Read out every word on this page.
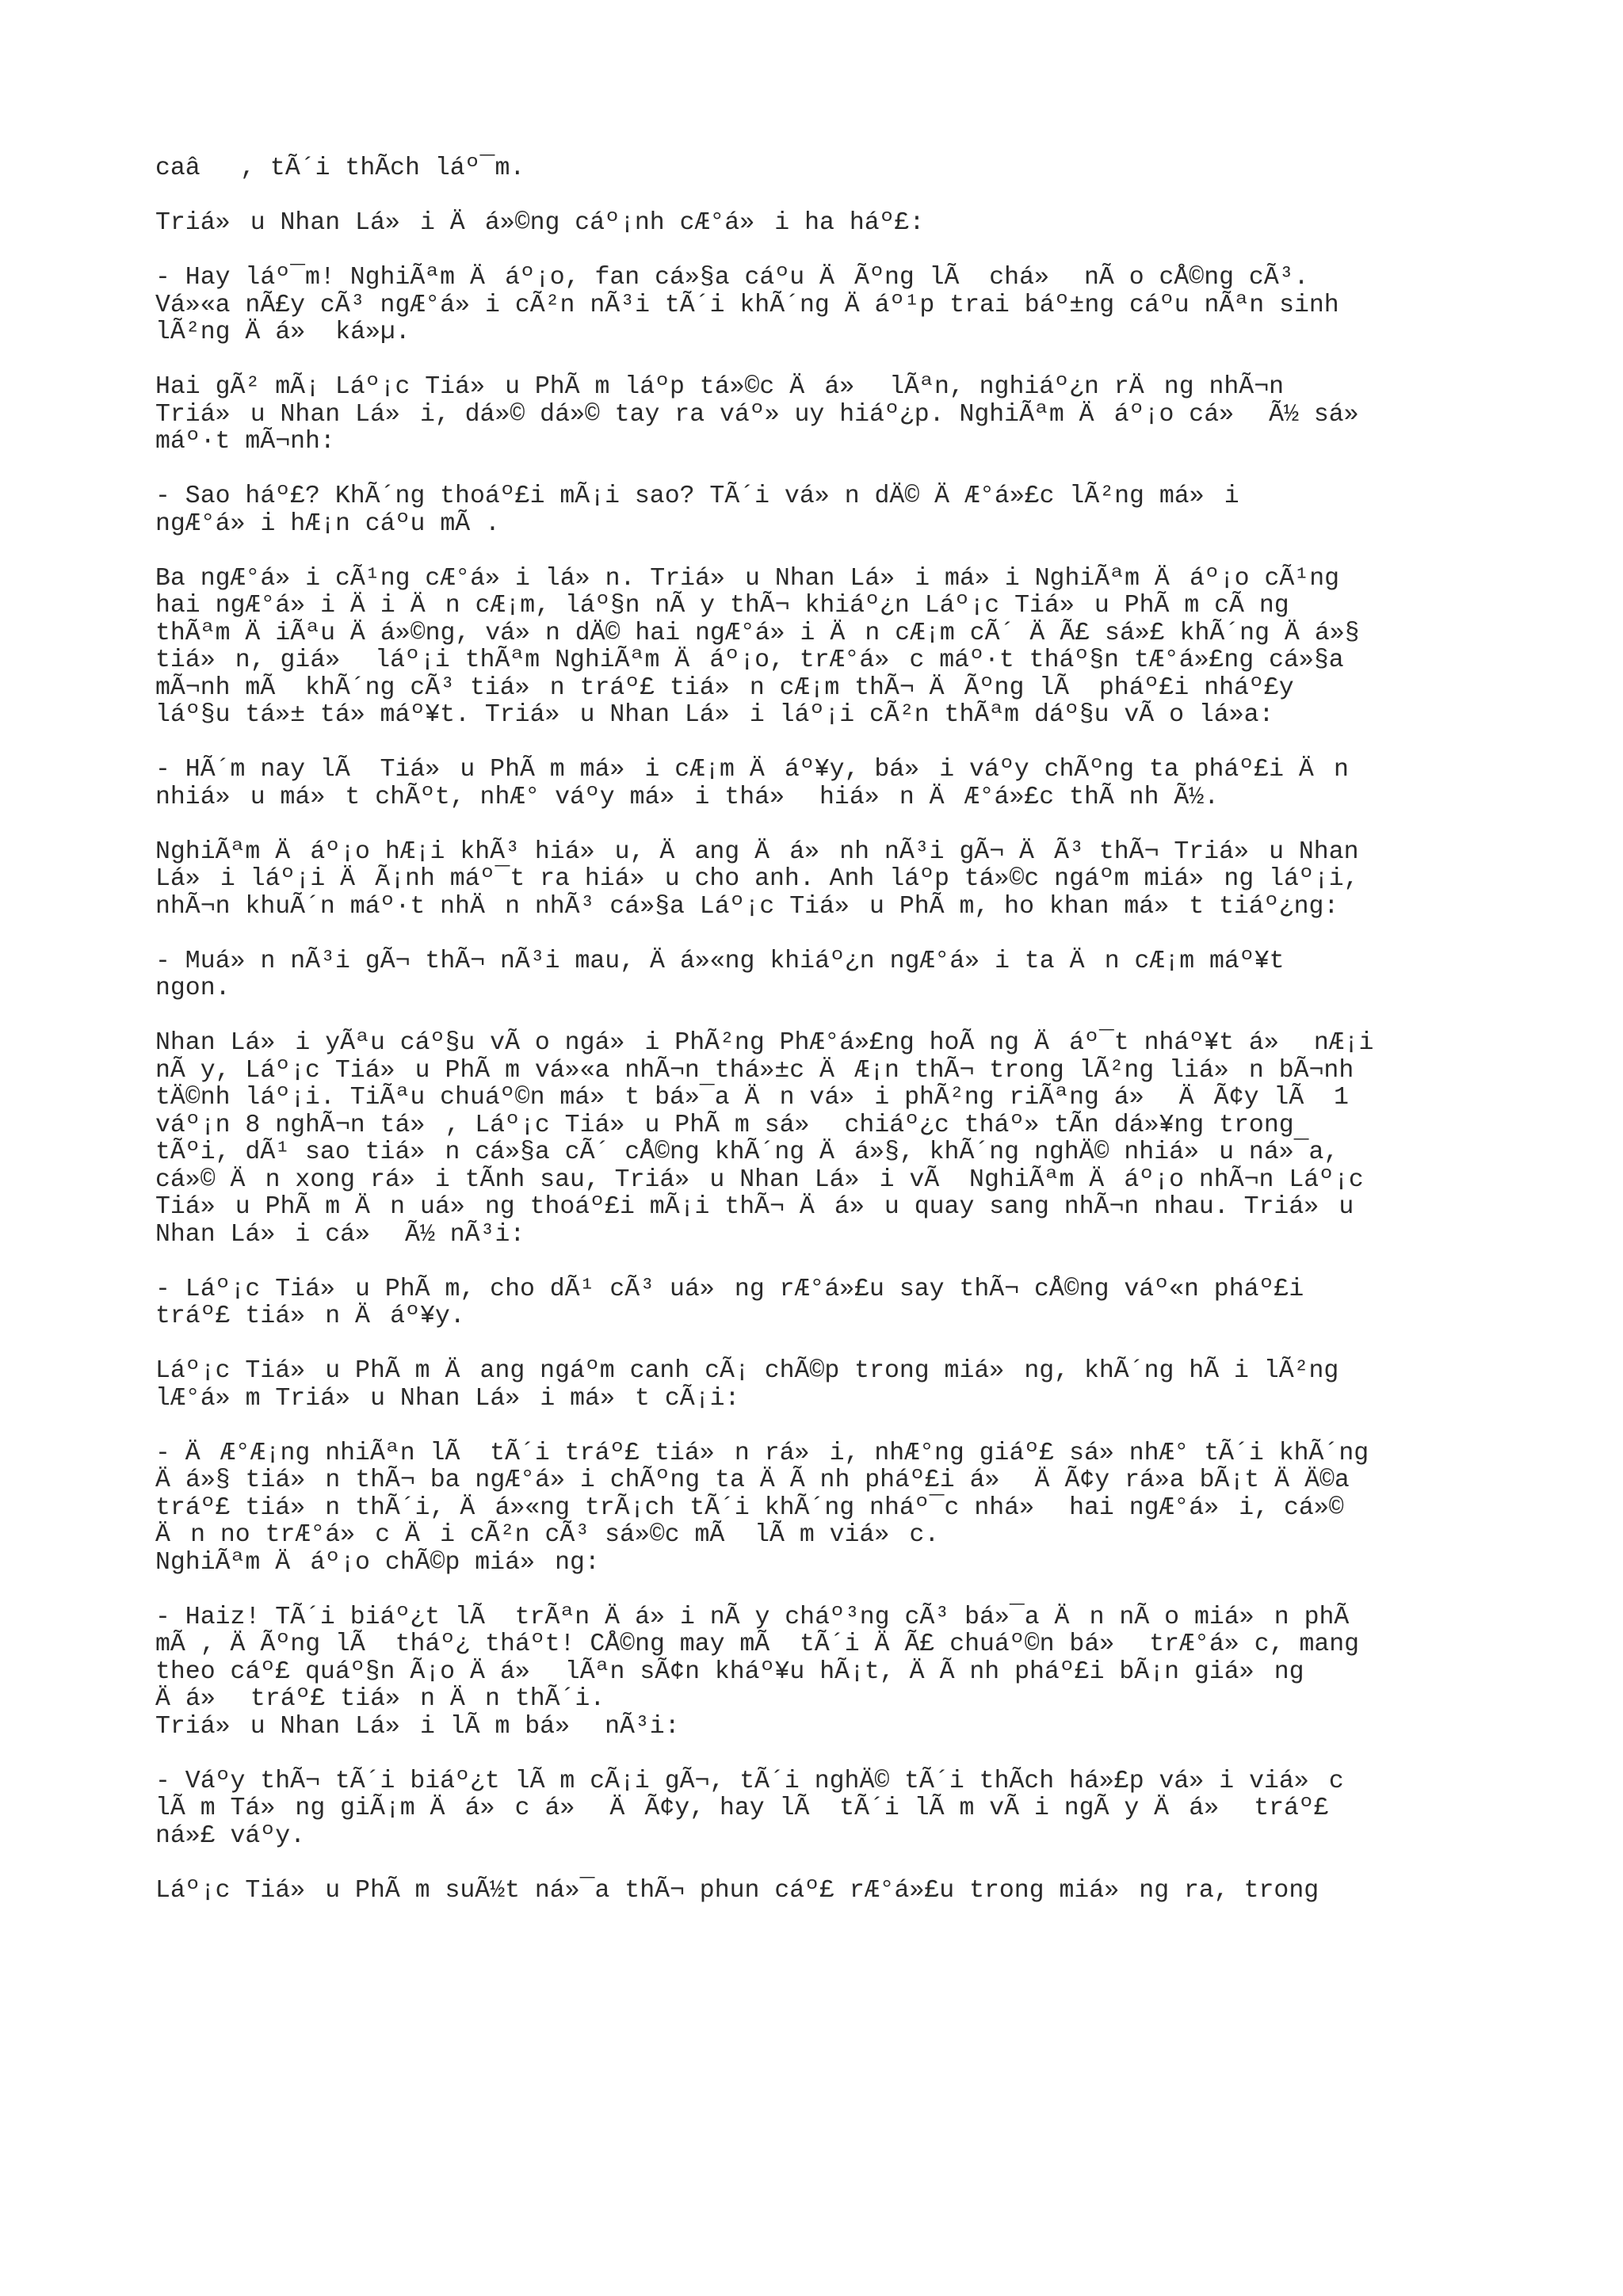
caâ, tÃ´i thÃch láº¯m.
Triá»u Nhan Lá»i Äá»©ng cáº¡nh cÆ°á»i ha háº£:
- Hay láº¯m! NghiÃªm Äáº¡o, fan cá»§a cáºu ÄÃºng lÃ  chá» nÃ o cÅ©ng cÃ³.
Vá»«a nÃ£y cÃ³ ngÆ°á»i cÃ²n nÃ³i tÃ´i khÃ´ng Äáº¹p trai báº±ng cáºu nÃªn sinh
lÃ²ng Äá» ká»µ.
Hai gÃ² mÃ¡ Láº¡c Tiá»u PhÃ m láºp tá»©c Äá» lÃªn, nghiáº¿n rÄng nhÃ¬n
Triá»u Nhan Lá»i, dá»© dá»© tay ra váº» uy hiáº¿p. NghiÃªm Äáº¡o cá» Ã½ sá»
máº·t mÃ¬nh:
- Sao háº£? KhÃ´ng thoáº£i mÃ¡i sao? TÃ´i vá»n dÄ© ÄÆ°á»£c lÃ²ng má»i
ngÆ°á»i hÆ¡n cáºu mÃ .
Ba ngÆ°á»i cÃ¹ng cÆ°á»i lá»n. Triá»u Nhan Lá»i má»i NghiÃªm Äáº¡o cÃ¹ng
hai ngÆ°á»i Äi Än cÆ¡m, láº§n nÃ y thÃ¬ khiáº¿n Láº¡c Tiá»u PhÃ m cÃ ng
thÃªm ÄiÃªu Äá»©ng, vá»n dÄ© hai ngÆ°á»i Än cÆ¡m cÃ´ ÄÃ£ sá»£ khÃ´ng Äá»§
tiá»n, giá» láº¡i thÃªm NghiÃªm Äáº¡o, trÆ°á»c máº·t tháº§n tÆ°á»£ng cá»§a
mÃ¬nh mÃ  khÃ´ng cÃ³ tiá»n tráº£ tiá»n cÆ¡m thÃ¬ ÄÃºng lÃ  pháº£i nháº£y
láº§u tá»± tá» máº¥t. Triá»u Nhan Lá»i láº¡i cÃ²n thÃªm dáº§u vÃ o lá»a:
- HÃ´m nay lÃ  Tiá»u PhÃ m má»i cÆ¡m Äáº¥y, bá»i váºy chÃºng ta pháº£i Än
nhiá»u má»t chÃºt, nhÆ° váºy má»i thá» hiá»n ÄÆ°á»£c thÃ nh Ã½.
NghiÃªm Äáº¡o hÆ¡i khÃ³ hiá»u, Äang Äá»nh nÃ³i gÃ¬ ÄÃ³ thÃ¬ Triá»u Nhan
Lá»i láº¡i ÄÃ¡nh máº¯t ra hiá»u cho anh. Anh láºp tá»©c ngáºm miá»ng láº¡i,
nhÃ¬n khuÃ´n máº·t nhÄn nhÃ³ cá»§a Láº¡c Tiá»u PhÃ m, ho khan má»t tiáº¿ng:
- Muá»n nÃ³i gÃ¬ thÃ¬ nÃ³i mau, Äá»«ng khiáº¿n ngÆ°á»i ta Än cÆ¡m máº¥t
ngon.
Nhan Lá»i yÃªu cáº§u vÃ o ngá»i PhÃ²ng PhÆ°á»£ng hoÃ ng Äáº¯t nháº¥t á» nÆ¡i
nÃ y, Láº¡c Tiá»u PhÃ m vá»«a nhÃ¬n thá»±c ÄÆ¡n thÃ¬ trong lÃ²ng liá»n bÃ¬nh
tÄ©nh láº¡i. TiÃªu chuáº©n má»t bá»¯a Än vá»i phÃ²ng riÃªng á» ÄÃ¢y lÃ  1
váº¡n 8 nghÃ¬n tá», Láº¡c Tiá»u PhÃ m sá» chiáº¿c tháº» tÃn dá»¥ng trong
tÃºi, dÃ¹ sao tiá»n cá»§a cÃ´ cÅ©ng khÃ´ng Äá»§, khÃ´ng nghÄ© nhiá»u ná»¯a,
cá»© Än xong rá»i tÃnh sau, Triá»u Nhan Lá»i vÃ  NghiÃªm Äáº¡o nhÃ¬n Láº¡c
Tiá»u PhÃ m Än uá»ng thoáº£i mÃ¡i thÃ¬ Äá»u quay sang nhÃ¬n nhau. Triá»u
Nhan Lá»i cá» Ã½ nÃ³i:
- Láº¡c Tiá»u PhÃ m, cho dÃ¹ cÃ³ uá»ng rÆ°á»£u say thÃ¬ cÅ©ng váº«n pháº£i
tráº£ tiá»n Äáº¥y.
Láº¡c Tiá»u PhÃ m Äang ngáºm canh cÃ¡ chÃ©p trong miá»ng, khÃ´ng hÃ i lÃ²ng
lÆ°á»m Triá»u Nhan Lá»i má»t cÃ¡i:
- ÄÆ°Æ¡ng nhiÃªn lÃ  tÃ´i tráº£ tiá»n rá»i, nhÆ°ng giáº£ sá» nhÆ° tÃ´i khÃ´ng
Äá»§ tiá»n thÃ¬ ba ngÆ°á»i chÃºng ta ÄÃ nh pháº£i á» ÄÃ¢y rá»a bÃ¡t ÄÄ©a
tráº£ tiá»n thÃ´i, Äá»«ng trÃ¡ch tÃ´i khÃ´ng nháº¯c nhá» hai ngÆ°á»i, cá»©
Än no trÆ°á»c Äi cÃ²n cÃ³ sá»©c mÃ  lÃ m viá»c.
NghiÃªm Äáº¡o chÃ©p miá»ng:
- Haiz! TÃ´i biáº¿t lÃ  trÃªn Äá»i nÃ y cháº³ng cÃ³ bá»¯a Än nÃ o miá»n phÃ
mÃ , ÄÃºng lÃ  tháº¿ tháºt! CÅ©ng may mÃ  tÃ´i ÄÃ£ chuáº©n bá» trÆ°á»c, mang
theo cáº£ quáº§n Ã¡o Äá» lÃªn sÃ¢n kháº¥u hÃ¡t, ÄÃ nh pháº£i bÃ¡n giá»ng
Äá» tráº£ tiá»n Än thÃ´i.
Triá»u Nhan Lá»i lÃ m bá» nÃ³i:
- Váºy thÃ¬ tÃ´i biáº¿t lÃ m cÃ¡i gÃ¬, tÃ´i nghÄ© tÃ´i thÃch há»£p vá»i viá»c
lÃ m Tá»ng giÃ¡m Äá»c á» ÄÃ¢y, hay lÃ  tÃ´i lÃ m vÃ i ngÃ y Äá» tráº£
ná»£ váºy.
Láº¡c Tiá»u PhÃ m suÃ½t ná»¯a thÃ¬ phun cáº£ rÆ°á»£u trong miá»ng ra, trong
